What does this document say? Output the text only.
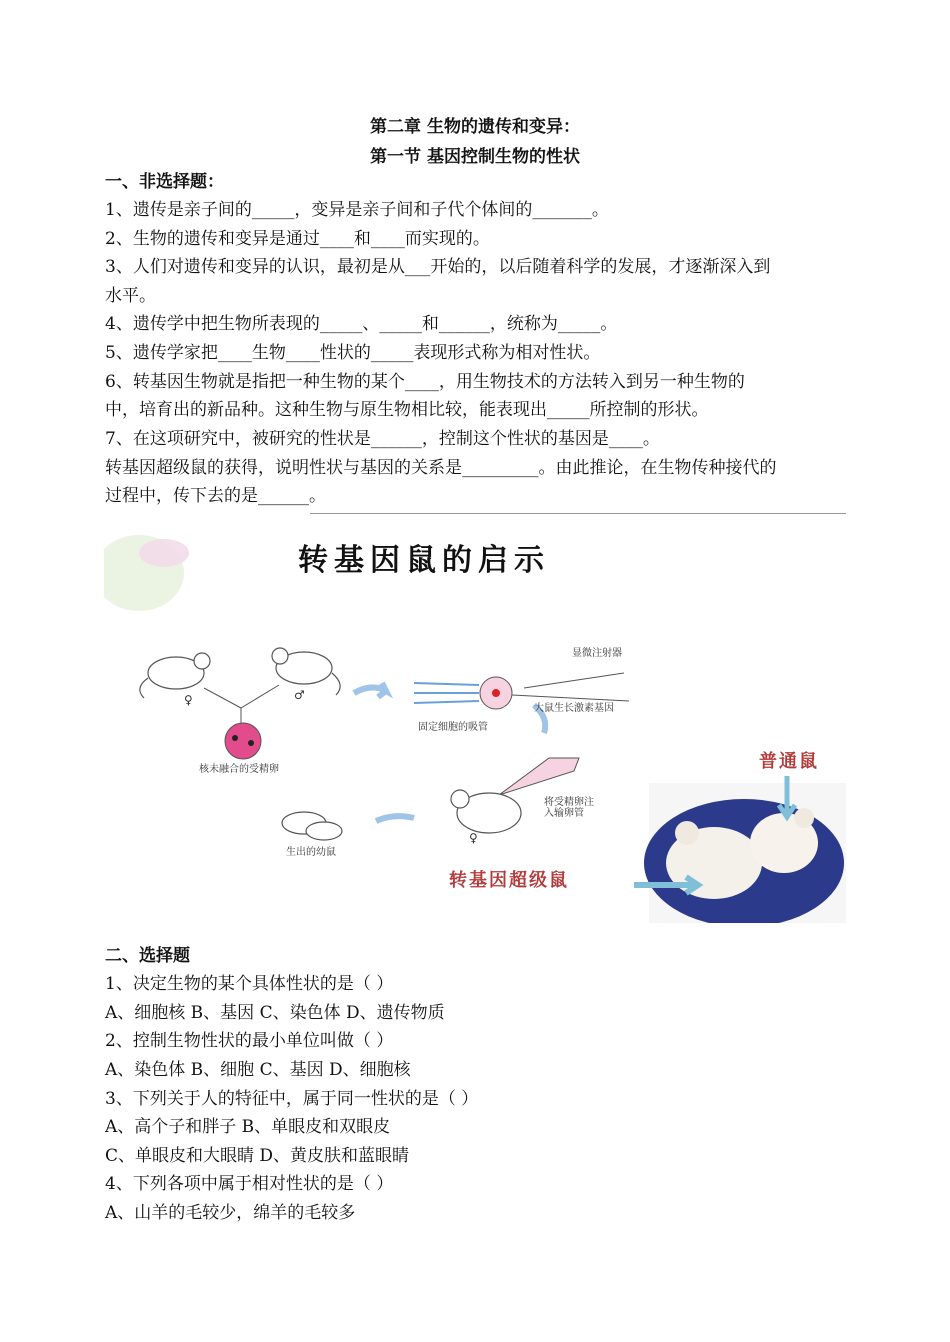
第二章 生物的遗传和变异：
第一节 基因控制生物的性状
一、非选择题：
1、遗传是亲子间的_____，变异是亲子间和子代个体间的_______。
2、生物的遗传和变异是通过____和____而实现的。
3、人们对遗传和变异的认识，最初是从___开始的，以后随着科学的发展，才逐渐深入到
水平。
4、遗传学中把生物所表现的_____、_____和______，统称为_____。
5、遗传学家把____生物____性状的_____表现形式称为相对性状。
6、转基因生物就是指把一种生物的某个____，用生物技术的方法转入到另一种生物的
中，培育出的新品种。这种生物与原生物相比较，能表现出_____所控制的形状。
7、在这项研究中，被研究的性状是______，控制这个性状的基因是____。
转基因超级鼠的获得，说明性状与基因的关系是_________。由此推论，在生物传种接代的
过程中，传下去的是______。
转基因鼠的启示
显微注射器
固定细胞的吸管
大鼠生长激素基因
核未融合的受精卵
将受精卵注
入输卵管
生出的幼鼠
♀	♂
♀
普通鼠
转基因超级鼠
二、选择题
1、决定生物的某个具体性状的是（ ）
A、细胞核 B、基因 C、染色体 D、遗传物质
2、控制生物性状的最小单位叫做（ ）
A、染色体 B、细胞 C、基因 D、细胞核
3、下列关于人的特征中，属于同一性状的是（ ）
A、高个子和胖子 B、单眼皮和双眼皮
C、单眼皮和大眼睛 D、黄皮肤和蓝眼睛
4、下列各项中属于相对性状的是（ ）
A、山羊的毛较少，绵羊的毛较多
